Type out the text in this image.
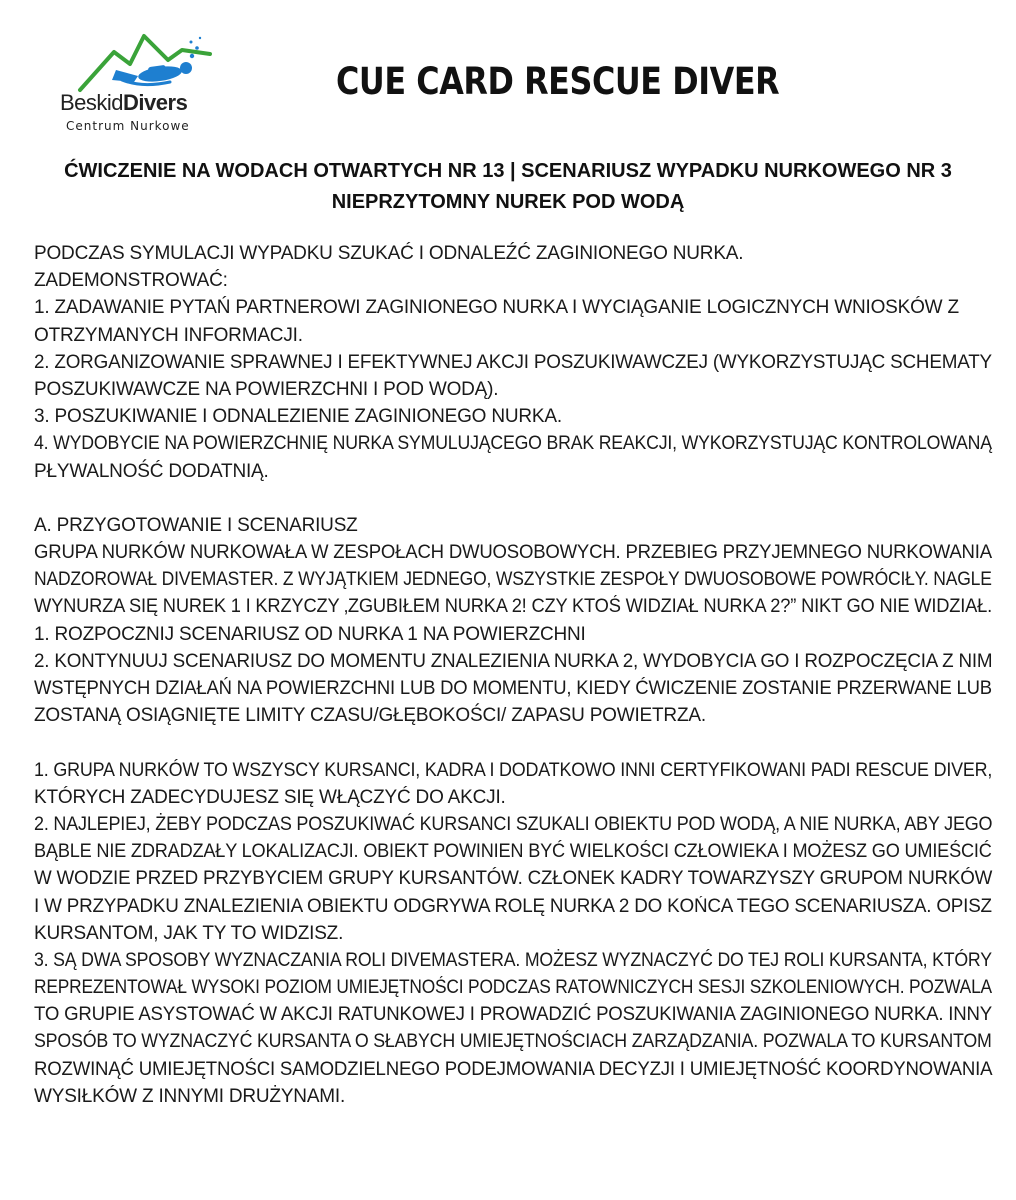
BeskidDivers
Centrum Nurkowe
CUE CARD RESCUE DIVER
ĆWICZENIE NA WODACH OTWARTYCH NR 13 | SCENARIUSZ WYPADKU NURKOWEGO NR 3
NIEPRZYTOMNY NUREK POD WODĄ
PODCZAS SYMULACJI WYPADKU SZUKAĆ I ODNALEŹĆ ZAGINIONEGO NURKA.
ZADEMONSTROWAĆ:
1. ZADAWANIE PYTAŃ PARTNEROWI ZAGINIONEGO NURKA I WYCIĄGANIE LOGICZNYCH WNIOSKÓW Z
OTRZYMANYCH INFORMACJI.
2. ZORGANIZOWANIE SPRAWNEJ I EFEKTYWNEJ AKCJI POSZUKIWAWCZEJ (WYKORZYSTUJĄC SCHEMATY
POSZUKIWAWCZE NA POWIERZCHNI I POD WODĄ).
3. POSZUKIWANIE I ODNALEZIENIE ZAGINIONEGO NURKA.
4. WYDOBYCIE NA POWIERZCHNIĘ NURKA SYMULUJĄCEGO BRAK REAKCJI, WYKORZYSTUJĄC KONTROLOWANĄ
PŁYWALNOŚĆ DODATNIĄ.
A. PRZYGOTOWANIE I SCENARIUSZ
GRUPA NURKÓW NURKOWAŁA W ZESPOŁACH DWUOSOBOWYCH. PRZEBIEG PRZYJEMNEGO NURKOWANIA
NADZOROWAŁ DIVEMASTER. Z WYJĄTKIEM JEDNEGO, WSZYSTKIE ZESPOŁY DWUOSOBOWE POWRÓCIŁY. NAGLE
WYNURZA SIĘ NUREK 1 I KRZYCZY ‚ZGUBIŁEM NURKA 2! CZY KTOŚ WIDZIAŁ NURKA 2?” NIKT GO NIE WIDZIAŁ.
1. ROZPOCZNIJ SCENARIUSZ OD NURKA 1 NA POWIERZCHNI
2. KONTYNUUJ SCENARIUSZ DO MOMENTU ZNALEZIENIA NURKA 2, WYDOBYCIA GO I ROZPOCZĘCIA Z NIM
WSTĘPNYCH DZIAŁAŃ NA POWIERZCHNI LUB DO MOMENTU, KIEDY ĆWICZENIE ZOSTANIE PRZERWANE LUB
ZOSTANĄ OSIĄGNIĘTE LIMITY CZASU/GŁĘBOKOŚCI/ ZAPASU POWIETRZA.
1. GRUPA NURKÓW TO WSZYSCY KURSANCI, KADRA I DODATKOWO INNI CERTYFIKOWANI PADI RESCUE DIVER,
KTÓRYCH ZADECYDUJESZ SIĘ WŁĄCZYĆ DO AKCJI.
2. NAJLEPIEJ, ŻEBY PODCZAS POSZUKIWAĆ KURSANCI SZUKALI OBIEKTU POD WODĄ, A NIE NURKA, ABY JEGO
BĄBLE NIE ZDRADZAŁY LOKALIZACJI. OBIEKT POWINIEN BYĆ WIELKOŚCI CZŁOWIEKA I MOŻESZ GO UMIEŚCIĆ
W WODZIE PRZED PRZYBYCIEM GRUPY KURSANTÓW. CZŁONEK KADRY TOWARZYSZY GRUPOM NURKÓW
I W PRZYPADKU ZNALEZIENIA OBIEKTU ODGRYWA ROLĘ NURKA 2 DO KOŃCA TEGO SCENARIUSZA. OPISZ
KURSANTOM, JAK TY TO WIDZISZ.
3. SĄ DWA SPOSOBY WYZNACZANIA ROLI DIVEMASTERA. MOŻESZ WYZNACZYĆ DO TEJ ROLI KURSANTA, KTÓRY
REPREZENTOWAŁ WYSOKI POZIOM UMIEJĘTNOŚCI PODCZAS RATOWNICZYCH SESJI SZKOLENIOWYCH. POZWALA
TO GRUPIE ASYSTOWAĆ W AKCJI RATUNKOWEJ I PROWADZIĆ POSZUKIWANIA ZAGINIONEGO NURKA. INNY
SPOSÓB TO WYZNACZYĆ KURSANTA O SŁABYCH UMIEJĘTNOŚCIACH ZARZĄDZANIA. POZWALA TO KURSANTOM
ROZWINĄĆ UMIEJĘTNOŚCI SAMODZIELNEGO PODEJMOWANIA DECYZJI I UMIEJĘTNOŚĆ KOORDYNOWANIA
WYSIŁKÓW Z INNYMI DRUŻYNAMI.
